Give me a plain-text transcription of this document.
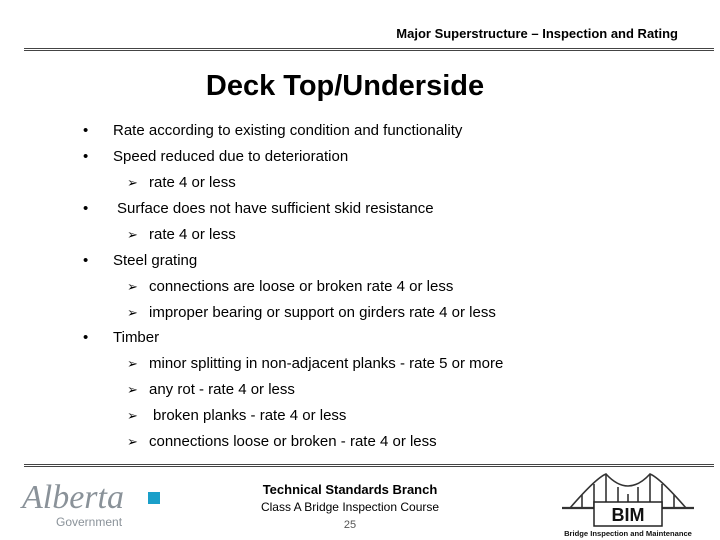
Major Superstructure – Inspection and Rating
Deck Top/Underside
• Rate according to existing condition and functionality
• Speed reduced due to deterioration
➢ rate 4 or less
• Surface does not have sufficient skid resistance
➢ rate 4 or less
• Steel grating
➢ connections are loose or broken rate 4 or less
➢ improper bearing or support on girders rate 4 or less
• Timber
➢ minor splitting in non-adjacent planks - rate 5 or more
➢ any rot - rate 4 or less
➢ broken planks - rate 4 or less
➢ connections loose or broken - rate 4 or less
Alberta
Government
Technical Standards Branch
Class A Bridge Inspection Course
25	BIM
Bridge Inspection and Maintenance
